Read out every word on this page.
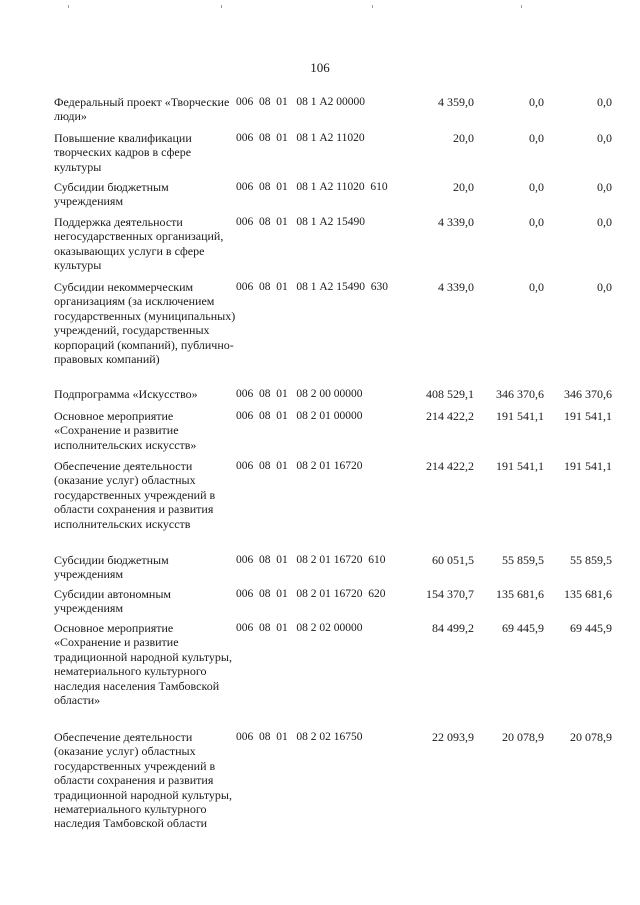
106
Федеральный проект «Творческие люди»
006  08  01   08 1 А2 00000	4 359,0	0,0	0,0
Повышение квалификации творческих кадров в сфере культуры
006  08  01   08 1 А2 11020	20,0	0,0	0,0
Субсидии бюджетным учреждениям
006  08  01   08 1 А2 11020  610	20,0	0,0	0,0
Поддержка деятельности негосударственных организаций, оказывающих услуги в сфере культуры
006  08  01   08 1 А2 15490	4 339,0	0,0	0,0
Субсидии некоммерческим организациям (за исключением государственных (муниципальных) учреждений, государственных корпораций (компаний), публично-правовых компаний)
006  08  01   08 1 А2 15490  630	4 339,0	0,0	0,0
Подпрограмма «Искусство»	006  08  01   08 2 00 00000	408 529,1	346 370,6	346 370,6
Основное мероприятие «Сохранение и развитие исполнительских искусств»
006  08  01   08 2 01 00000	214 422,2	191 541,1	191 541,1
Обеспечение деятельности (оказание услуг) областных государственных учреждений в области сохранения и развития исполнительских искусств
006  08  01   08 2 01 16720	214 422,2	191 541,1	191 541,1
Субсидии бюджетным учреждениям
006  08  01   08 2 01 16720  610	60 051,5	55 859,5	55 859,5
Субсидии автономным учреждениям
006  08  01   08 2 01 16720  620	154 370,7	135 681,6	135 681,6
Основное мероприятие «Сохранение и развитие традиционной народной культуры, нематериального культурного наследия населения Тамбовской области»
006  08  01   08 2 02 00000	84 499,2	69 445,9	69 445,9
Обеспечение деятельности (оказание услуг) областных государственных учреждений в области сохранения и развития традиционной народной культуры, нематериального культурного наследия Тамбовской области
006  08  01   08 2 02 16750	22 093,9	20 078,9	20 078,9
